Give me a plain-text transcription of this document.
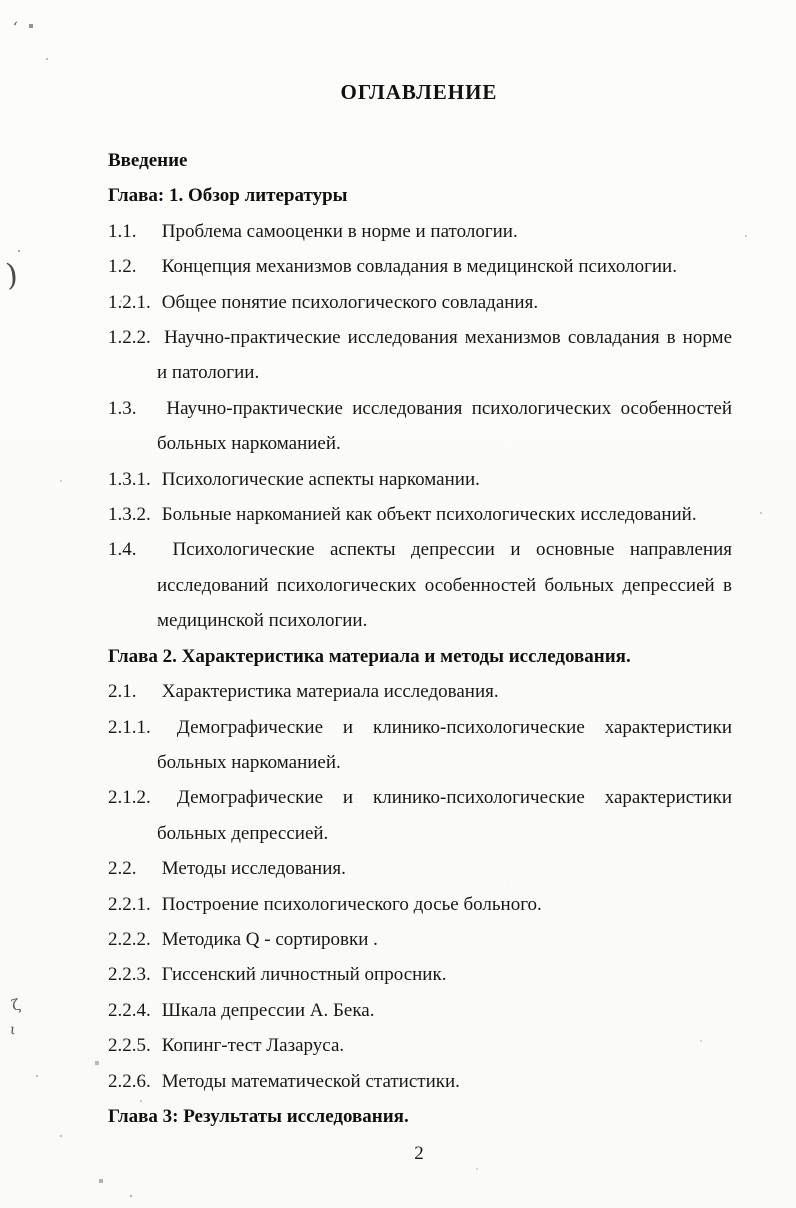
ОГЛАВЛЕНИЕ
Введение
Глава: 1. Обзор литературы
1.1. Проблема самооценки в норме и патологии.
1.2. Концепция механизмов совладания в медицинской психологии.
1.2.1. Общее понятие психологического совладания.
1.2.2. Научно-практические исследования механизмов совладания в норме и патологии.
1.3. Научно-практические исследования психологических особенностей больных наркоманией.
1.3.1. Психологические аспекты наркомании.
1.3.2. Больные наркоманией как объект психологических исследований.
1.4. Психологические аспекты депрессии и основные направления исследований психологических особенностей больных депрессией в медицинской психологии.
Глава 2. Характеристика материала и методы исследования.
2.1. Характеристика материала исследования.
2.1.1. Демографические и клинико-психологические характеристики больных наркоманией.
2.1.2. Демографические и клинико-психологические характеристики больных депрессией.
2.2. Методы исследования.
2.2.1. Построение психологического досье больного.
2.2.2. Методика Q - сортировки .
2.2.3. Гиссенский личностный опросник.
2.2.4. Шкала депрессии А. Бека.
2.2.5. Копинг-тест Лазаруса.
2.2.6. Методы математической статистики.
Глава 3: Результаты исследования.
2
)
ʻ
ζ
ι
